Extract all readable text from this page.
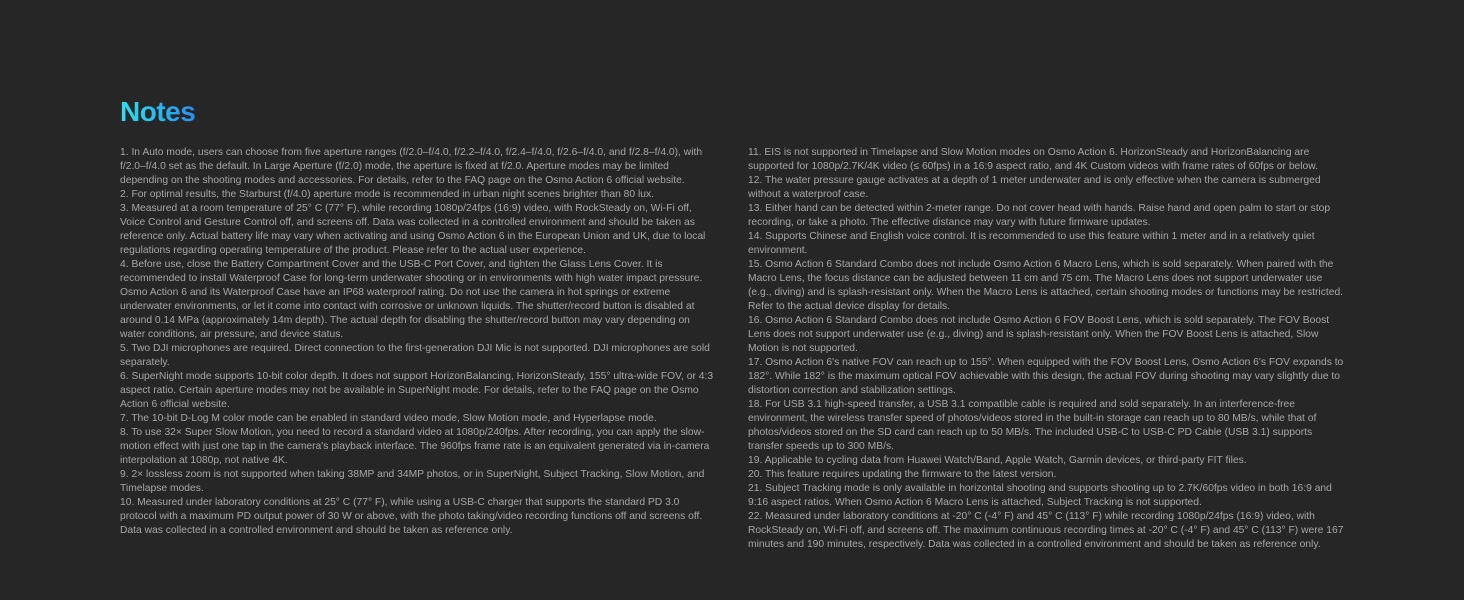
Notes

1. In Auto mode, users can choose from five aperture ranges (f/2.0–f/4.0, f/2.2–f/4.0, f/2.4–f/4.0, f/2.6–f/4.0, and f/2.8–f/4.0), with f/2.0–f/4.0 set as the default. In Large Aperture (f/2.0) mode, the aperture is fixed at f/2.0. Aperture modes may be limited depending on the shooting modes and accessories. For details, refer to the FAQ page on the Osmo Action 6 official website.

2. For optimal results, the Starburst (f/4.0) aperture mode is recommended in urban night scenes brighter than 80 lux.

3. Measured at a room temperature of 25° C (77° F), while recording 1080p/24fps (16:9) video, with RockSteady on, Wi-Fi off, Voice Control and Gesture Control off, and screens off. Data was collected in a controlled environment and should be taken as reference only. Actual battery life may vary when activating and using Osmo Action 6 in the European Union and UK, due to local regulations regarding operating temperature of the product. Please refer to the actual user experience.

4. Before use, close the Battery Compartment Cover and the USB-C Port Cover, and tighten the Glass Lens Cover. It is recommended to install Waterproof Case for long-term underwater shooting or in environments with high water impact pressure. Osmo Action 6 and its Waterproof Case have an IP68 waterproof rating. Do not use the camera in hot springs or extreme underwater environments, or let it come into contact with corrosive or unknown liquids. The shutter/record button is disabled at around 0.14 MPa (approximately 14m depth). The actual depth for disabling the shutter/record button may vary depending on water conditions, air pressure, and device status.

5. Two DJI microphones are required. Direct connection to the first-generation DJI Mic is not supported. DJI microphones are sold separately.

6. SuperNight mode supports 10-bit color depth. It does not support HorizonBalancing, HorizonSteady, 155° ultra-wide FOV, or 4:3 aspect ratio. Certain aperture modes may not be available in SuperNight mode. For details, refer to the FAQ page on the Osmo Action 6 official website.

7. The 10-bit D-Log M color mode can be enabled in standard video mode, Slow Motion mode, and Hyperlapse mode.

8. To use 32× Super Slow Motion, you need to record a standard video at 1080p/240fps. After recording, you can apply the slow-motion effect with just one tap in the camera's playback interface. The 960fps frame rate is an equivalent generated via in-camera interpolation at 1080p, not native 4K.

9. 2× lossless zoom is not supported when taking 38MP and 34MP photos, or in SuperNight, Subject Tracking, Slow Motion, and Timelapse modes.

10. Measured under laboratory conditions at 25° C (77° F), while using a USB-C charger that supports the standard PD 3.0 protocol with a maximum PD output power of 30 W or above, with the photo taking/video recording functions off and screens off. Data was collected in a controlled environment and should be taken as reference only.

11. EIS is not supported in Timelapse and Slow Motion modes on Osmo Action 6. HorizonSteady and HorizonBalancing are supported for 1080p/2.7K/4K video (≤ 60fps) in a 16:9 aspect ratio, and 4K Custom videos with frame rates of 60fps or below.

12. The water pressure gauge activates at a depth of 1 meter underwater and is only effective when the camera is submerged without a waterproof case.

13. Either hand can be detected within 2-meter range. Do not cover head with hands. Raise hand and open palm to start or stop recording, or take a photo. The effective distance may vary with future firmware updates.

14. Supports Chinese and English voice control. It is recommended to use this feature within 1 meter and in a relatively quiet environment.

15. Osmo Action 6 Standard Combo does not include Osmo Action 6 Macro Lens, which is sold separately. When paired with the Macro Lens, the focus distance can be adjusted between 11 cm and 75 cm. The Macro Lens does not support underwater use (e.g., diving) and is splash-resistant only. When the Macro Lens is attached, certain shooting modes or functions may be restricted. Refer to the actual device display for details.

16. Osmo Action 6 Standard Combo does not include Osmo Action 6 FOV Boost Lens, which is sold separately. The FOV Boost Lens does not support underwater use (e.g., diving) and is splash-resistant only. When the FOV Boost Lens is attached, Slow Motion is not supported.

17. Osmo Action 6's native FOV can reach up to 155°. When equipped with the FOV Boost Lens, Osmo Action 6's FOV expands to 182°. While 182° is the maximum optical FOV achievable with this design, the actual FOV during shooting may vary slightly due to distortion correction and stabilization settings.

18. For USB 3.1 high-speed transfer, a USB 3.1 compatible cable is required and sold separately. In an interference-free environment, the wireless transfer speed of photos/videos stored in the built-in storage can reach up to 80 MB/s, while that of photos/videos stored on the SD card can reach up to 50 MB/s. The included USB-C to USB-C PD Cable (USB 3.1) supports transfer speeds up to 300 MB/s.

19. Applicable to cycling data from Huawei Watch/Band, Apple Watch, Garmin devices, or third-party FIT files.

20. This feature requires updating the firmware to the latest version.

21. Subject Tracking mode is only available in horizontal shooting and supports shooting up to 2.7K/60fps video in both 16:9 and 9:16 aspect ratios. When Osmo Action 6 Macro Lens is attached, Subject Tracking is not supported.

22. Measured under laboratory conditions at -20° C (-4° F) and 45° C (113° F) while recording 1080p/24fps (16:9) video, with RockSteady on, Wi-Fi off, and screens off. The maximum continuous recording times at -20° C (-4° F) and 45° C (113° F) were 167 minutes and 190 minutes, respectively. Data was collected in a controlled environment and should be taken as reference only.
